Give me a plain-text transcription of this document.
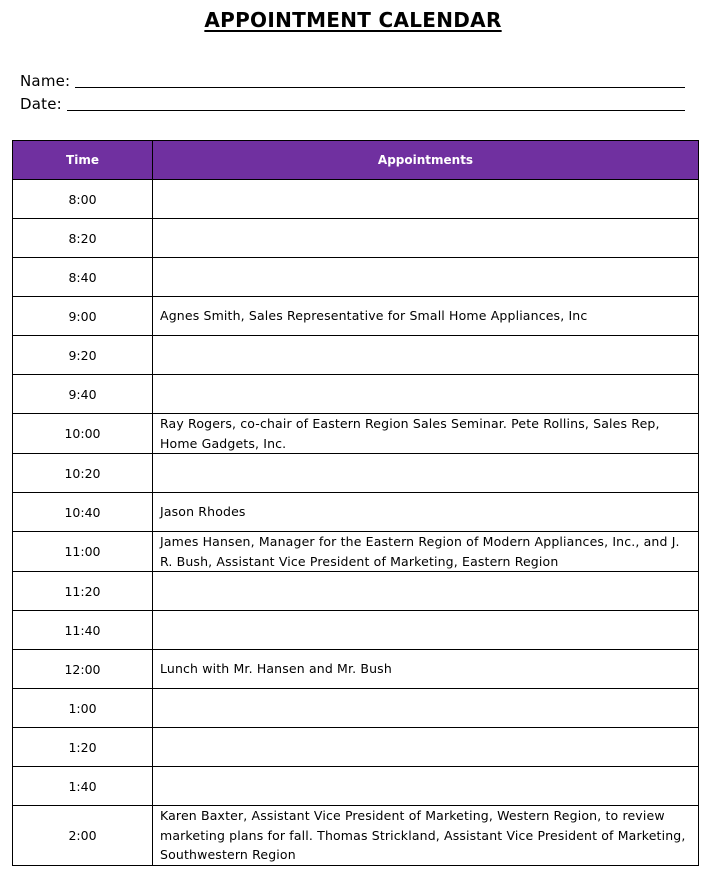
APPOINTMENT CALENDAR
Name:
Date:
Time	Appointments
8:00	
8:20	
8:40	
9:00	Agnes Smith, Sales Representative for Small Home Appliances, Inc
9:20	
9:40	
10:00	Ray Rogers, co-chair of Eastern Region Sales Seminar. Pete Rollins, Sales Rep, Home Gadgets, Inc.
10:20	
10:40	Jason Rhodes
11:00	James Hansen, Manager for the Eastern Region of Modern Appliances, Inc., and J. R. Bush, Assistant Vice President of Marketing, Eastern Region
11:20	
11:40	
12:00	Lunch with Mr. Hansen and Mr. Bush
1:00	
1:20	
1:40	
2:00	Karen Baxter, Assistant Vice President of Marketing, Western Region, to review marketing plans for fall. Thomas Strickland, Assistant Vice President of Marketing, Southwestern Region
